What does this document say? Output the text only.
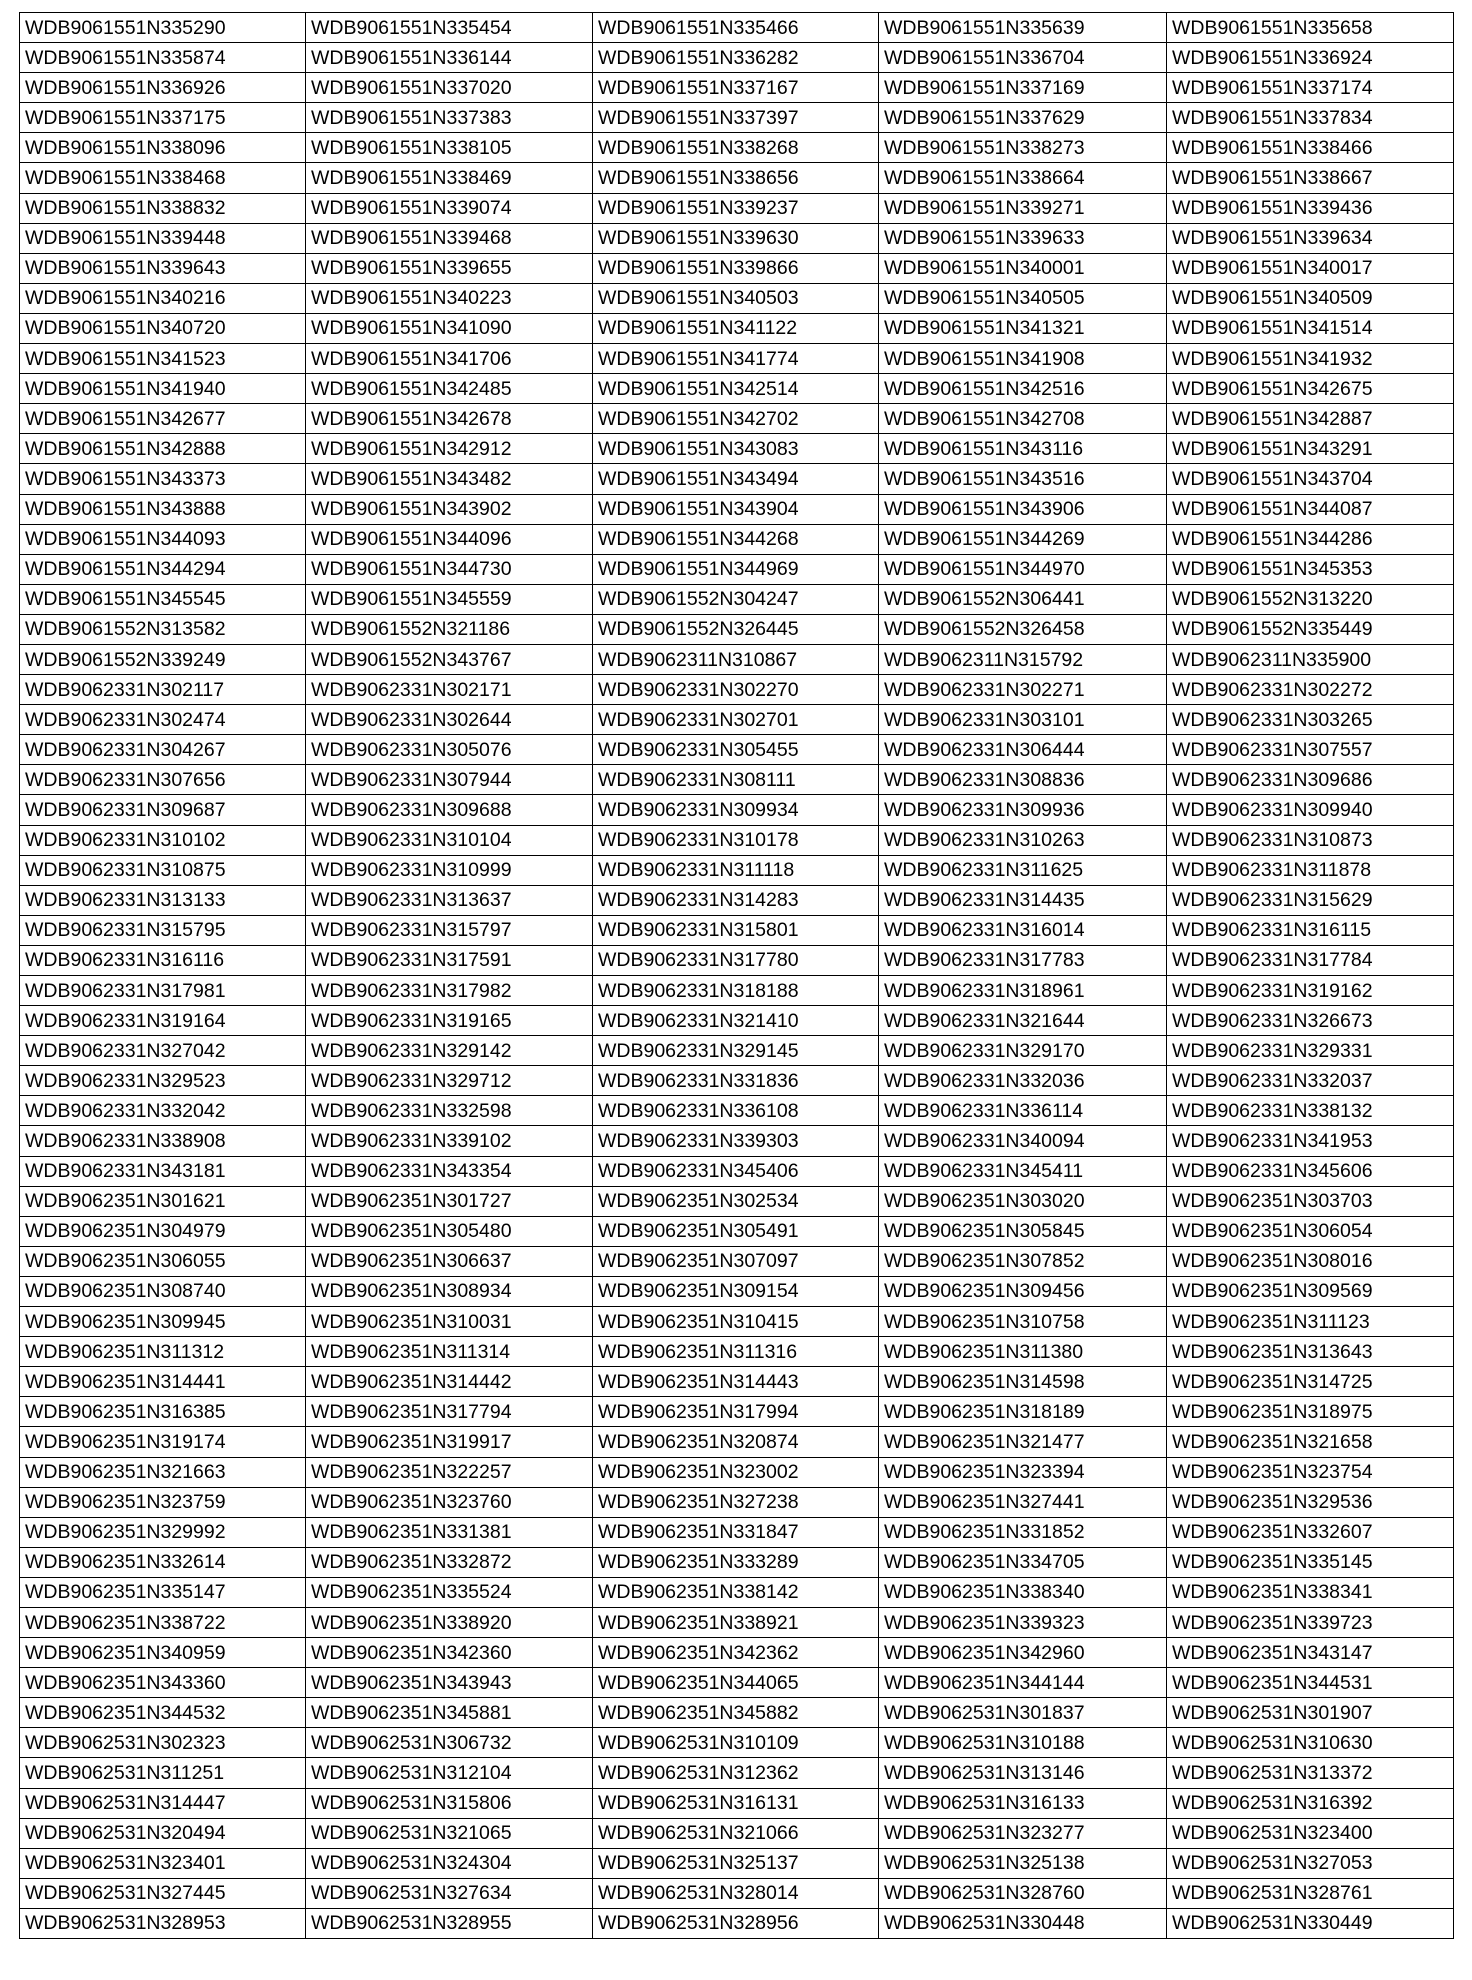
WDB9061551N335290	WDB9061551N335454	WDB9061551N335466	WDB9061551N335639	WDB9061551N335658
WDB9061551N335874	WDB9061551N336144	WDB9061551N336282	WDB9061551N336704	WDB9061551N336924
WDB9061551N336926	WDB9061551N337020	WDB9061551N337167	WDB9061551N337169	WDB9061551N337174
WDB9061551N337175	WDB9061551N337383	WDB9061551N337397	WDB9061551N337629	WDB9061551N337834
WDB9061551N338096	WDB9061551N338105	WDB9061551N338268	WDB9061551N338273	WDB9061551N338466
WDB9061551N338468	WDB9061551N338469	WDB9061551N338656	WDB9061551N338664	WDB9061551N338667
WDB9061551N338832	WDB9061551N339074	WDB9061551N339237	WDB9061551N339271	WDB9061551N339436
WDB9061551N339448	WDB9061551N339468	WDB9061551N339630	WDB9061551N339633	WDB9061551N339634
WDB9061551N339643	WDB9061551N339655	WDB9061551N339866	WDB9061551N340001	WDB9061551N340017
WDB9061551N340216	WDB9061551N340223	WDB9061551N340503	WDB9061551N340505	WDB9061551N340509
WDB9061551N340720	WDB9061551N341090	WDB9061551N341122	WDB9061551N341321	WDB9061551N341514
WDB9061551N341523	WDB9061551N341706	WDB9061551N341774	WDB9061551N341908	WDB9061551N341932
WDB9061551N341940	WDB9061551N342485	WDB9061551N342514	WDB9061551N342516	WDB9061551N342675
WDB9061551N342677	WDB9061551N342678	WDB9061551N342702	WDB9061551N342708	WDB9061551N342887
WDB9061551N342888	WDB9061551N342912	WDB9061551N343083	WDB9061551N343116	WDB9061551N343291
WDB9061551N343373	WDB9061551N343482	WDB9061551N343494	WDB9061551N343516	WDB9061551N343704
WDB9061551N343888	WDB9061551N343902	WDB9061551N343904	WDB9061551N343906	WDB9061551N344087
WDB9061551N344093	WDB9061551N344096	WDB9061551N344268	WDB9061551N344269	WDB9061551N344286
WDB9061551N344294	WDB9061551N344730	WDB9061551N344969	WDB9061551N344970	WDB9061551N345353
WDB9061551N345545	WDB9061551N345559	WDB9061552N304247	WDB9061552N306441	WDB9061552N313220
WDB9061552N313582	WDB9061552N321186	WDB9061552N326445	WDB9061552N326458	WDB9061552N335449
WDB9061552N339249	WDB9061552N343767	WDB9062311N310867	WDB9062311N315792	WDB9062311N335900
WDB9062331N302117	WDB9062331N302171	WDB9062331N302270	WDB9062331N302271	WDB9062331N302272
WDB9062331N302474	WDB9062331N302644	WDB9062331N302701	WDB9062331N303101	WDB9062331N303265
WDB9062331N304267	WDB9062331N305076	WDB9062331N305455	WDB9062331N306444	WDB9062331N307557
WDB9062331N307656	WDB9062331N307944	WDB9062331N308111	WDB9062331N308836	WDB9062331N309686
WDB9062331N309687	WDB9062331N309688	WDB9062331N309934	WDB9062331N309936	WDB9062331N309940
WDB9062331N310102	WDB9062331N310104	WDB9062331N310178	WDB9062331N310263	WDB9062331N310873
WDB9062331N310875	WDB9062331N310999	WDB9062331N311118	WDB9062331N311625	WDB9062331N311878
WDB9062331N313133	WDB9062331N313637	WDB9062331N314283	WDB9062331N314435	WDB9062331N315629
WDB9062331N315795	WDB9062331N315797	WDB9062331N315801	WDB9062331N316014	WDB9062331N316115
WDB9062331N316116	WDB9062331N317591	WDB9062331N317780	WDB9062331N317783	WDB9062331N317784
WDB9062331N317981	WDB9062331N317982	WDB9062331N318188	WDB9062331N318961	WDB9062331N319162
WDB9062331N319164	WDB9062331N319165	WDB9062331N321410	WDB9062331N321644	WDB9062331N326673
WDB9062331N327042	WDB9062331N329142	WDB9062331N329145	WDB9062331N329170	WDB9062331N329331
WDB9062331N329523	WDB9062331N329712	WDB9062331N331836	WDB9062331N332036	WDB9062331N332037
WDB9062331N332042	WDB9062331N332598	WDB9062331N336108	WDB9062331N336114	WDB9062331N338132
WDB9062331N338908	WDB9062331N339102	WDB9062331N339303	WDB9062331N340094	WDB9062331N341953
WDB9062331N343181	WDB9062331N343354	WDB9062331N345406	WDB9062331N345411	WDB9062331N345606
WDB9062351N301621	WDB9062351N301727	WDB9062351N302534	WDB9062351N303020	WDB9062351N303703
WDB9062351N304979	WDB9062351N305480	WDB9062351N305491	WDB9062351N305845	WDB9062351N306054
WDB9062351N306055	WDB9062351N306637	WDB9062351N307097	WDB9062351N307852	WDB9062351N308016
WDB9062351N308740	WDB9062351N308934	WDB9062351N309154	WDB9062351N309456	WDB9062351N309569
WDB9062351N309945	WDB9062351N310031	WDB9062351N310415	WDB9062351N310758	WDB9062351N311123
WDB9062351N311312	WDB9062351N311314	WDB9062351N311316	WDB9062351N311380	WDB9062351N313643
WDB9062351N314441	WDB9062351N314442	WDB9062351N314443	WDB9062351N314598	WDB9062351N314725
WDB9062351N316385	WDB9062351N317794	WDB9062351N317994	WDB9062351N318189	WDB9062351N318975
WDB9062351N319174	WDB9062351N319917	WDB9062351N320874	WDB9062351N321477	WDB9062351N321658
WDB9062351N321663	WDB9062351N322257	WDB9062351N323002	WDB9062351N323394	WDB9062351N323754
WDB9062351N323759	WDB9062351N323760	WDB9062351N327238	WDB9062351N327441	WDB9062351N329536
WDB9062351N329992	WDB9062351N331381	WDB9062351N331847	WDB9062351N331852	WDB9062351N332607
WDB9062351N332614	WDB9062351N332872	WDB9062351N333289	WDB9062351N334705	WDB9062351N335145
WDB9062351N335147	WDB9062351N335524	WDB9062351N338142	WDB9062351N338340	WDB9062351N338341
WDB9062351N338722	WDB9062351N338920	WDB9062351N338921	WDB9062351N339323	WDB9062351N339723
WDB9062351N340959	WDB9062351N342360	WDB9062351N342362	WDB9062351N342960	WDB9062351N343147
WDB9062351N343360	WDB9062351N343943	WDB9062351N344065	WDB9062351N344144	WDB9062351N344531
WDB9062351N344532	WDB9062351N345881	WDB9062351N345882	WDB9062531N301837	WDB9062531N301907
WDB9062531N302323	WDB9062531N306732	WDB9062531N310109	WDB9062531N310188	WDB9062531N310630
WDB9062531N311251	WDB9062531N312104	WDB9062531N312362	WDB9062531N313146	WDB9062531N313372
WDB9062531N314447	WDB9062531N315806	WDB9062531N316131	WDB9062531N316133	WDB9062531N316392
WDB9062531N320494	WDB9062531N321065	WDB9062531N321066	WDB9062531N323277	WDB9062531N323400
WDB9062531N323401	WDB9062531N324304	WDB9062531N325137	WDB9062531N325138	WDB9062531N327053
WDB9062531N327445	WDB9062531N327634	WDB9062531N328014	WDB9062531N328760	WDB9062531N328761
WDB9062531N328953	WDB9062531N328955	WDB9062531N328956	WDB9062531N330448	WDB9062531N330449
